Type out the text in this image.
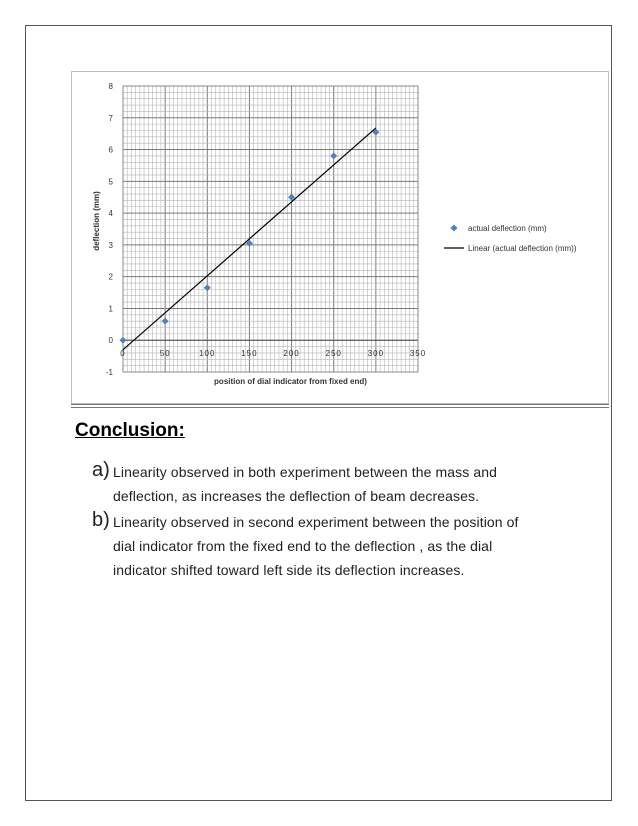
-1
0
1
2
3
4
5
6
7
8
0	50	100	150	200	250	300	350
position of dial indicator from fixed end)
deflection (mm)	actual deflection (mm)
Linear (actual deflection (mm))
Conclusion:
a) Linearity observed in both experiment between the mass and
deflection, as increases the deflection of beam decreases.
b) Linearity observed in second experiment between the position of
dial indicator from the fixed end to the deflection , as the dial
indicator shifted toward left side its deflection increases.
